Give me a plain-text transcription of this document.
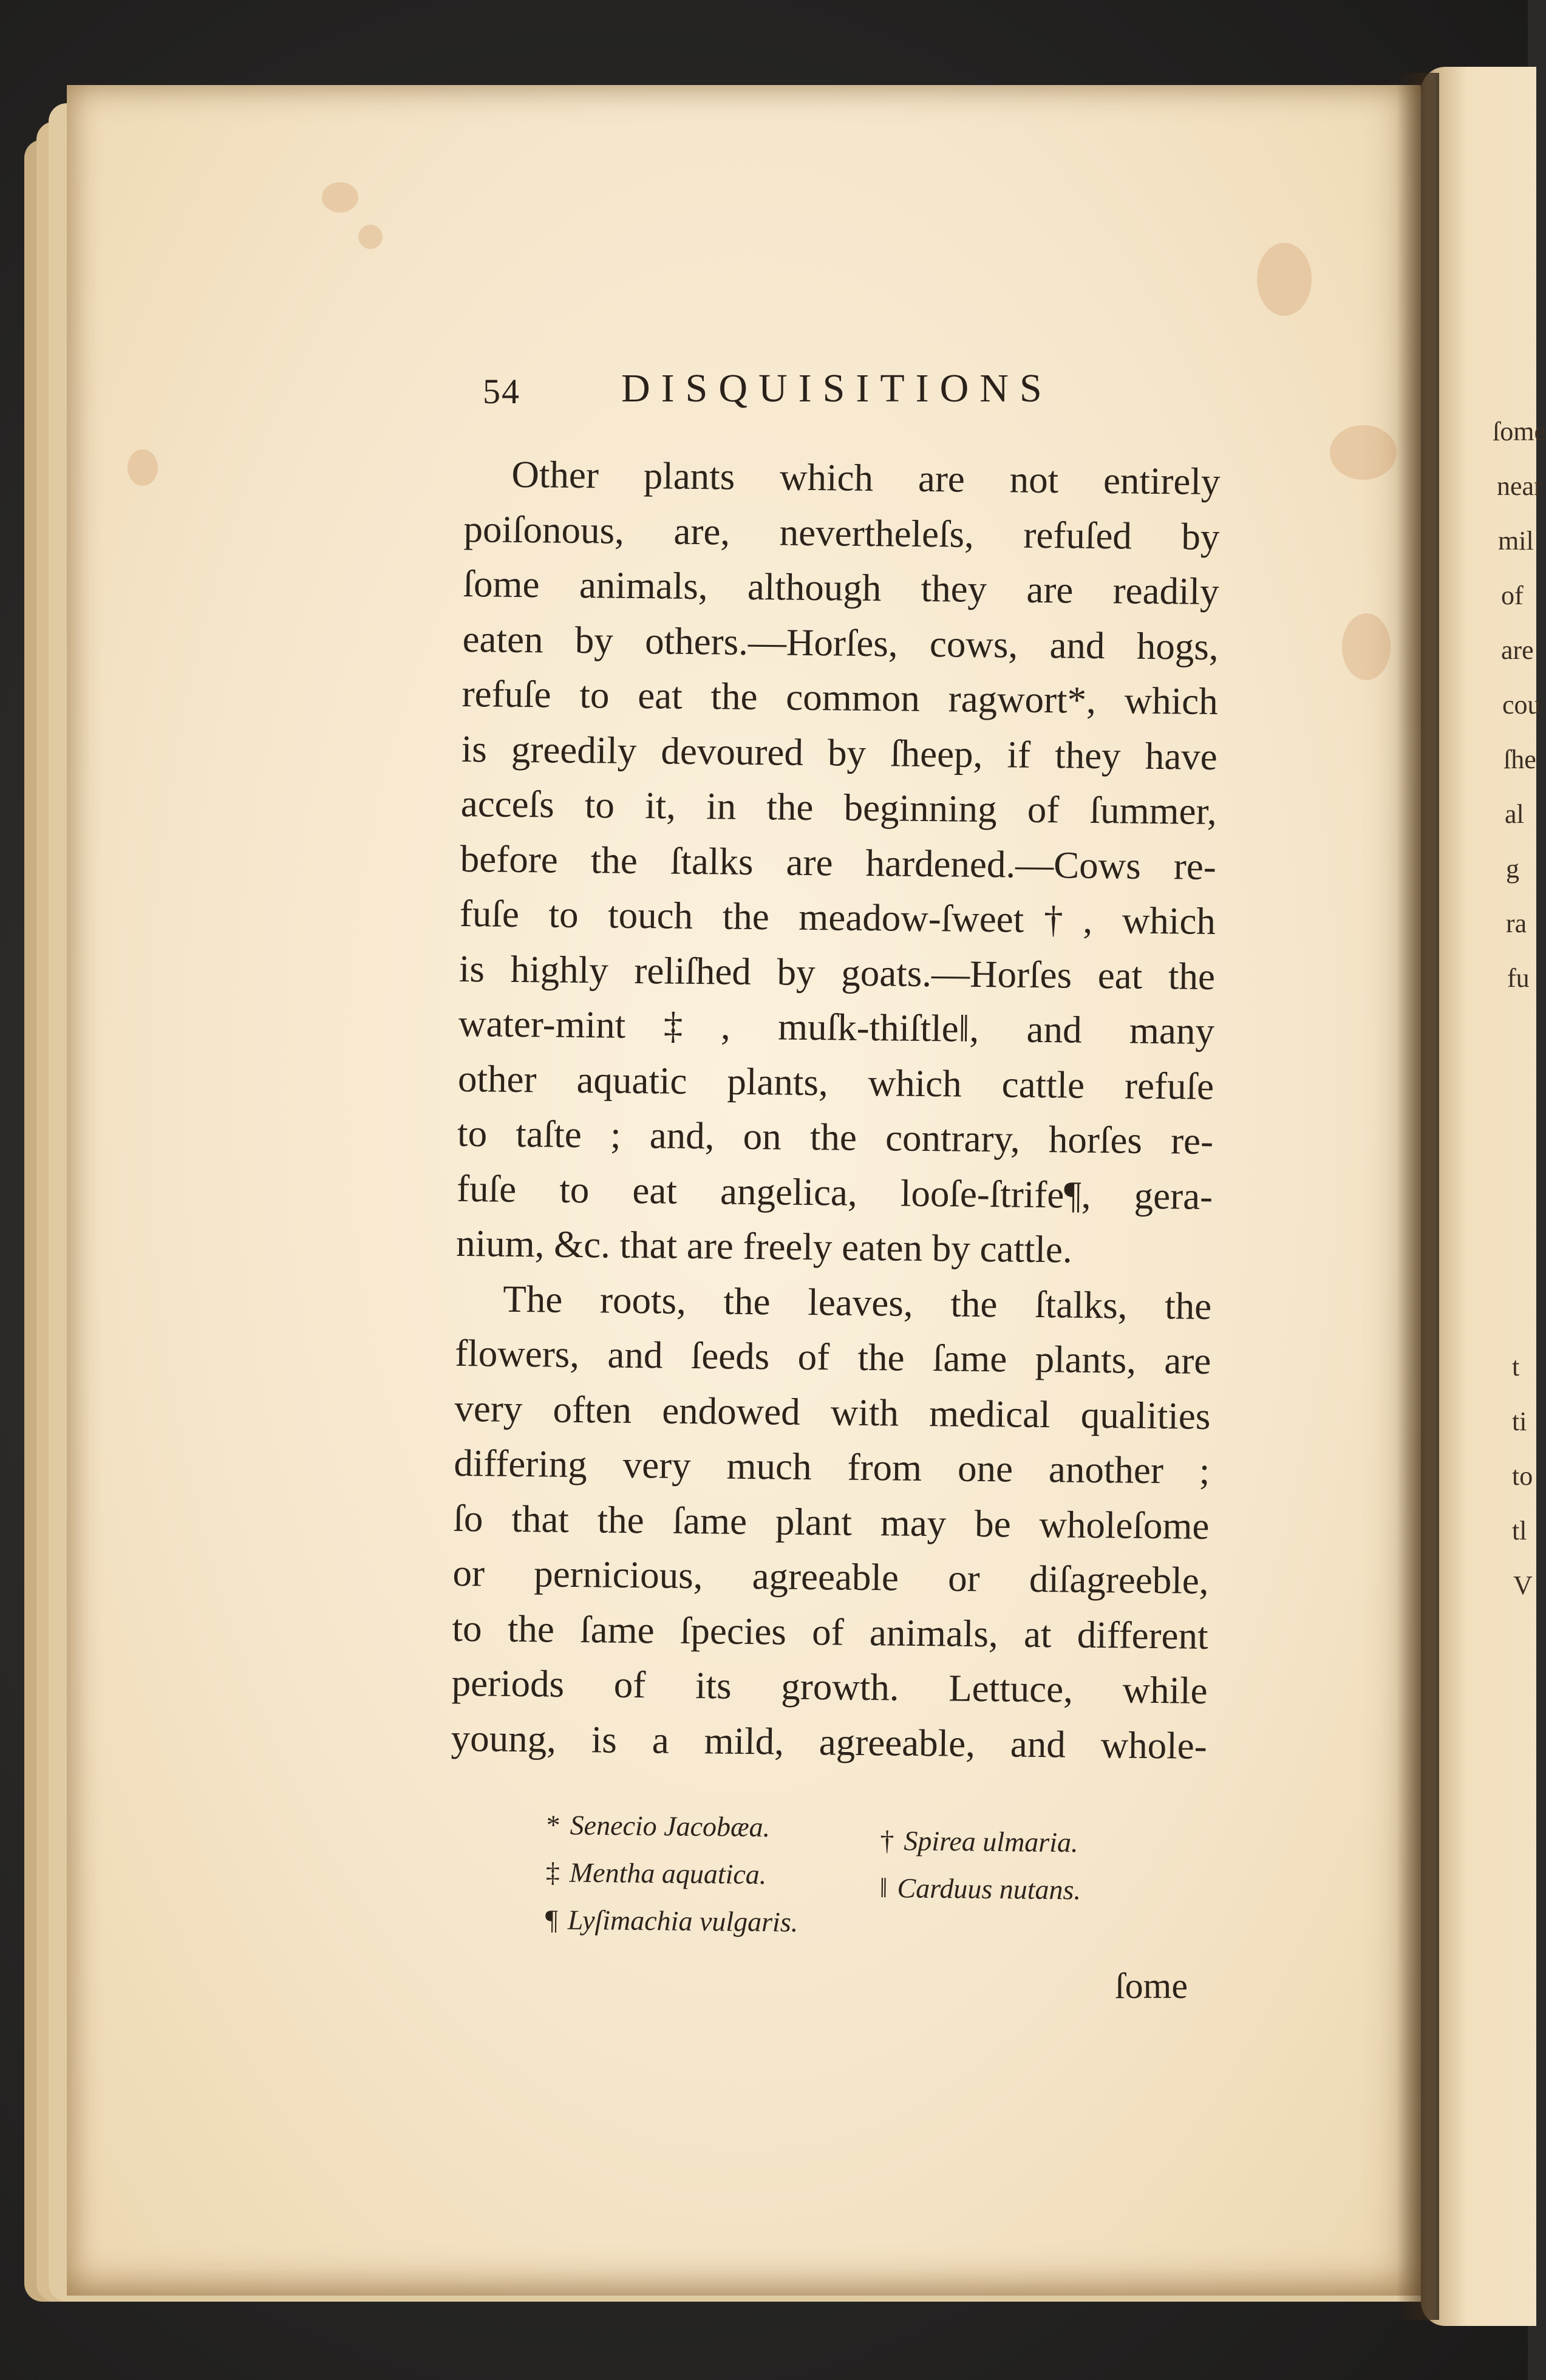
ſome
near
mil
of
are
cou
ſhe
al
g
ra
fu
t
ti
to
tl
V
54	DISQUISITIONS
Other plants which are not entirely
poiſonous, are, nevertheleſs, refuſed by
ſome animals, although they are readily
eaten by others.—Horſes, cows, and hogs,
refuſe to eat the common ragwort*, which
is greedily devoured by ſheep, if they have
acceſs to it, in the beginning of ſummer,
before the ſtalks are hardened.—Cows re-
fuſe to touch the meadow-ſweet†, which
is highly reliſhed by goats.—Horſes eat the
water-mint‡, muſk-thiſtle‖, and many
other aquatic plants, which cattle refuſe
to taſte ; and, on the contrary, horſes re-
fuſe to eat angelica, looſe-ſtrife¶, gera-
nium, &c. that are freely eaten by cattle.
The roots, the leaves, the ſtalks, the
flowers, and ſeeds of the ſame plants, are
very often endowed with medical qualities
differing very much from one another ;
ſo that the ſame plant may be wholeſome
or pernicious, agreeable or diſagreeble,
to the ſame ſpecies of animals, at different
periods of its growth. Lettuce, while
young, is a mild, agreeable, and whole-
* Senecio Jacobæa.	† Spirea ulmaria.
‡ Mentha aquatica.	‖ Carduus nutans.
¶ Lyſimachia vulgaris.
ſome
